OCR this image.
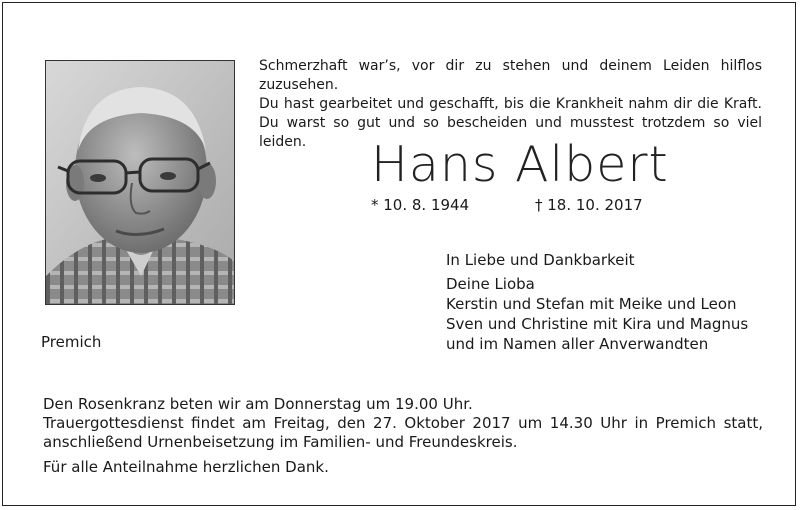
Schmerzhaft war’s, vor dir zu stehen und deinem Leiden hilflos zuzusehen.
Du hast gearbeitet und geschafft, bis die Krankheit nahm dir die Kraft.
Du warst so gut und so bescheiden und musstest trotzdem so viel leiden.	Hans Albert
* 10. 8. 1944	† 18. 10. 2017
In Liebe und Dankbarkeit
Deine Lioba
Kerstin und Stefan mit Meike und Leon
Sven und Christine mit Kira und Magnus
und im Namen aller Anverwandten
Premich
Den Rosenkranz beten wir am Donnerstag um 19.00 Uhr.
Trauergottesdienst findet am Freitag, den 27. Oktober 2017 um 14.30 Uhr in Premich statt,
anschließend Urnenbeisetzung im Familien- und Freundeskreis.
Für alle Anteilnahme herzlichen Dank.
